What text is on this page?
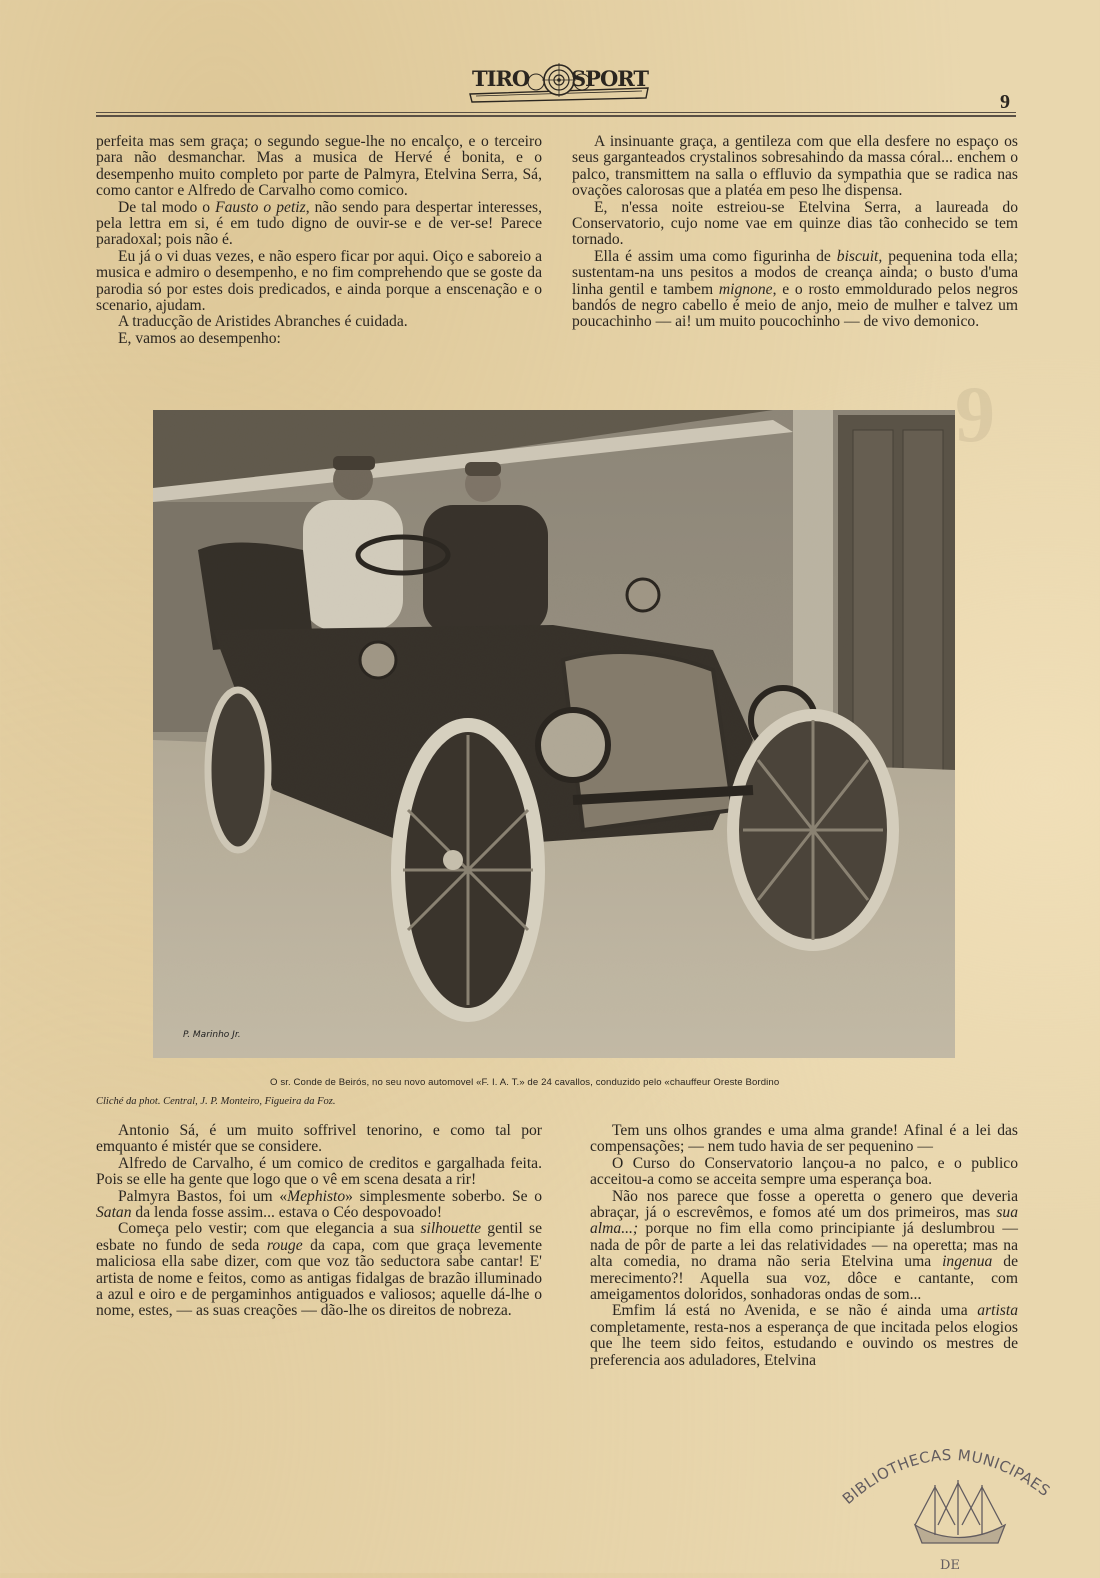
TIRO SPORT
9
9

perfeita mas sem graça; o segundo segue-lhe no encalço, e o terceiro para não desmanchar. Mas a musica de Hervé é bonita, e o desempenho muito completo por parte de Palmyra, Etelvina Serra, Sá, como cantor e Alfredo de Carvalho como comico.

De tal modo o Fausto o petiz, não sendo para despertar interesses, pela lettra em si, é em tudo digno de ouvir-se e de ver-se! Parece paradoxal; pois não é.

Eu já o vi duas vezes, e não espero ficar por aqui. Oiço e saboreio a musica e admiro o desempenho, e no fim comprehendo que se goste da parodia só por estes dois predicados, e ainda porque a enscenação e o scenario, ajudam.

A traducção de Aristides Abranches é cuidada.

E, vamos ao desempenho:

A insinuante graça, a gentileza com que ella desfere no espaço os seus garganteados crystalinos sobresahindo da massa córal... enchem o palco, transmittem na salla o effluvio da sympathia que se radica nas ovações calorosas que a platéa em peso lhe dispensa.

E, n'essa noite estreiou-se Etelvina Serra, a laureada do Conservatorio, cujo nome vae em quinze dias tão conhecido se tem tornado.

Ella é assim uma como figurinha de biscuit, pequenina toda ella; sustentam-na uns pesitos a modos de creança ainda; o busto d'uma linha gentil e tambem mignone, e o rosto emmoldurado pelos negros bandós de negro cabello é meio de anjo, meio de mulher e talvez um poucachinho — ai! um muito poucochinho — de vivo demonico.

P. Marinho Jr.
O sr. Conde de Beirós, no seu novo automovel «F. I. A. T.» de 24 cavallos, conduzido pelo «chauffeur Oreste Bordino
Cliché da phot. Central, J. P. Monteiro, Figueira da Foz.

Antonio Sá, é um muito soffrivel tenorino, e como tal por emquanto é mistér que se considere.

Alfredo de Carvalho, é um comico de creditos e gargalhada feita. Pois se elle ha gente que logo que o vê em scena desata a rir!

Palmyra Bastos, foi um «Mephisto» simplesmente soberbo. Se o Satan da lenda fosse assim... estava o Céo despovoado!

Começa pelo vestir; com que elegancia a sua silhouette gentil se esbate no fundo de seda rouge da capa, com que graça levemente maliciosa ella sabe dizer, com que voz tão seductora sabe cantar! E' artista de nome e feitos, como as antigas fidalgas de brazão illuminado a azul e oiro e de pergaminhos antiguados e valiosos; aquelle dá-lhe o nome, estes, — as suas creações — dão-lhe os direitos de nobreza.

Tem uns olhos grandes e uma alma grande! Afinal é a lei das compensações; — nem tudo havia de ser pequenino —

O Curso do Conservatorio lançou-a no palco, e o publico acceitou-a como se acceita sempre uma esperança boa.

Não nos parece que fosse a operetta o genero que deveria abraçar, já o escrevêmos, e fomos até um dos primeiros, mas sua alma...; porque no fim ella como principiante já deslumbrou — nada de pôr de parte a lei das relatividades — na operetta; mas na alta comedia, no drama não seria Etelvina uma ingenua de merecimento?! Aquella sua voz, dôce e cantante, com ameigamentos doloridos, sonhadoras ondas de som...

Emfim lá está no Avenida, e se não é ainda uma artista completamente, resta-nos a esperança de que incitada pelos elogios que lhe teem sido feitos, estudando e ouvindo os mestres de preferencia aos aduladores, Etelvina

BIBLIOTHECAS MUNICIPAES
DE
